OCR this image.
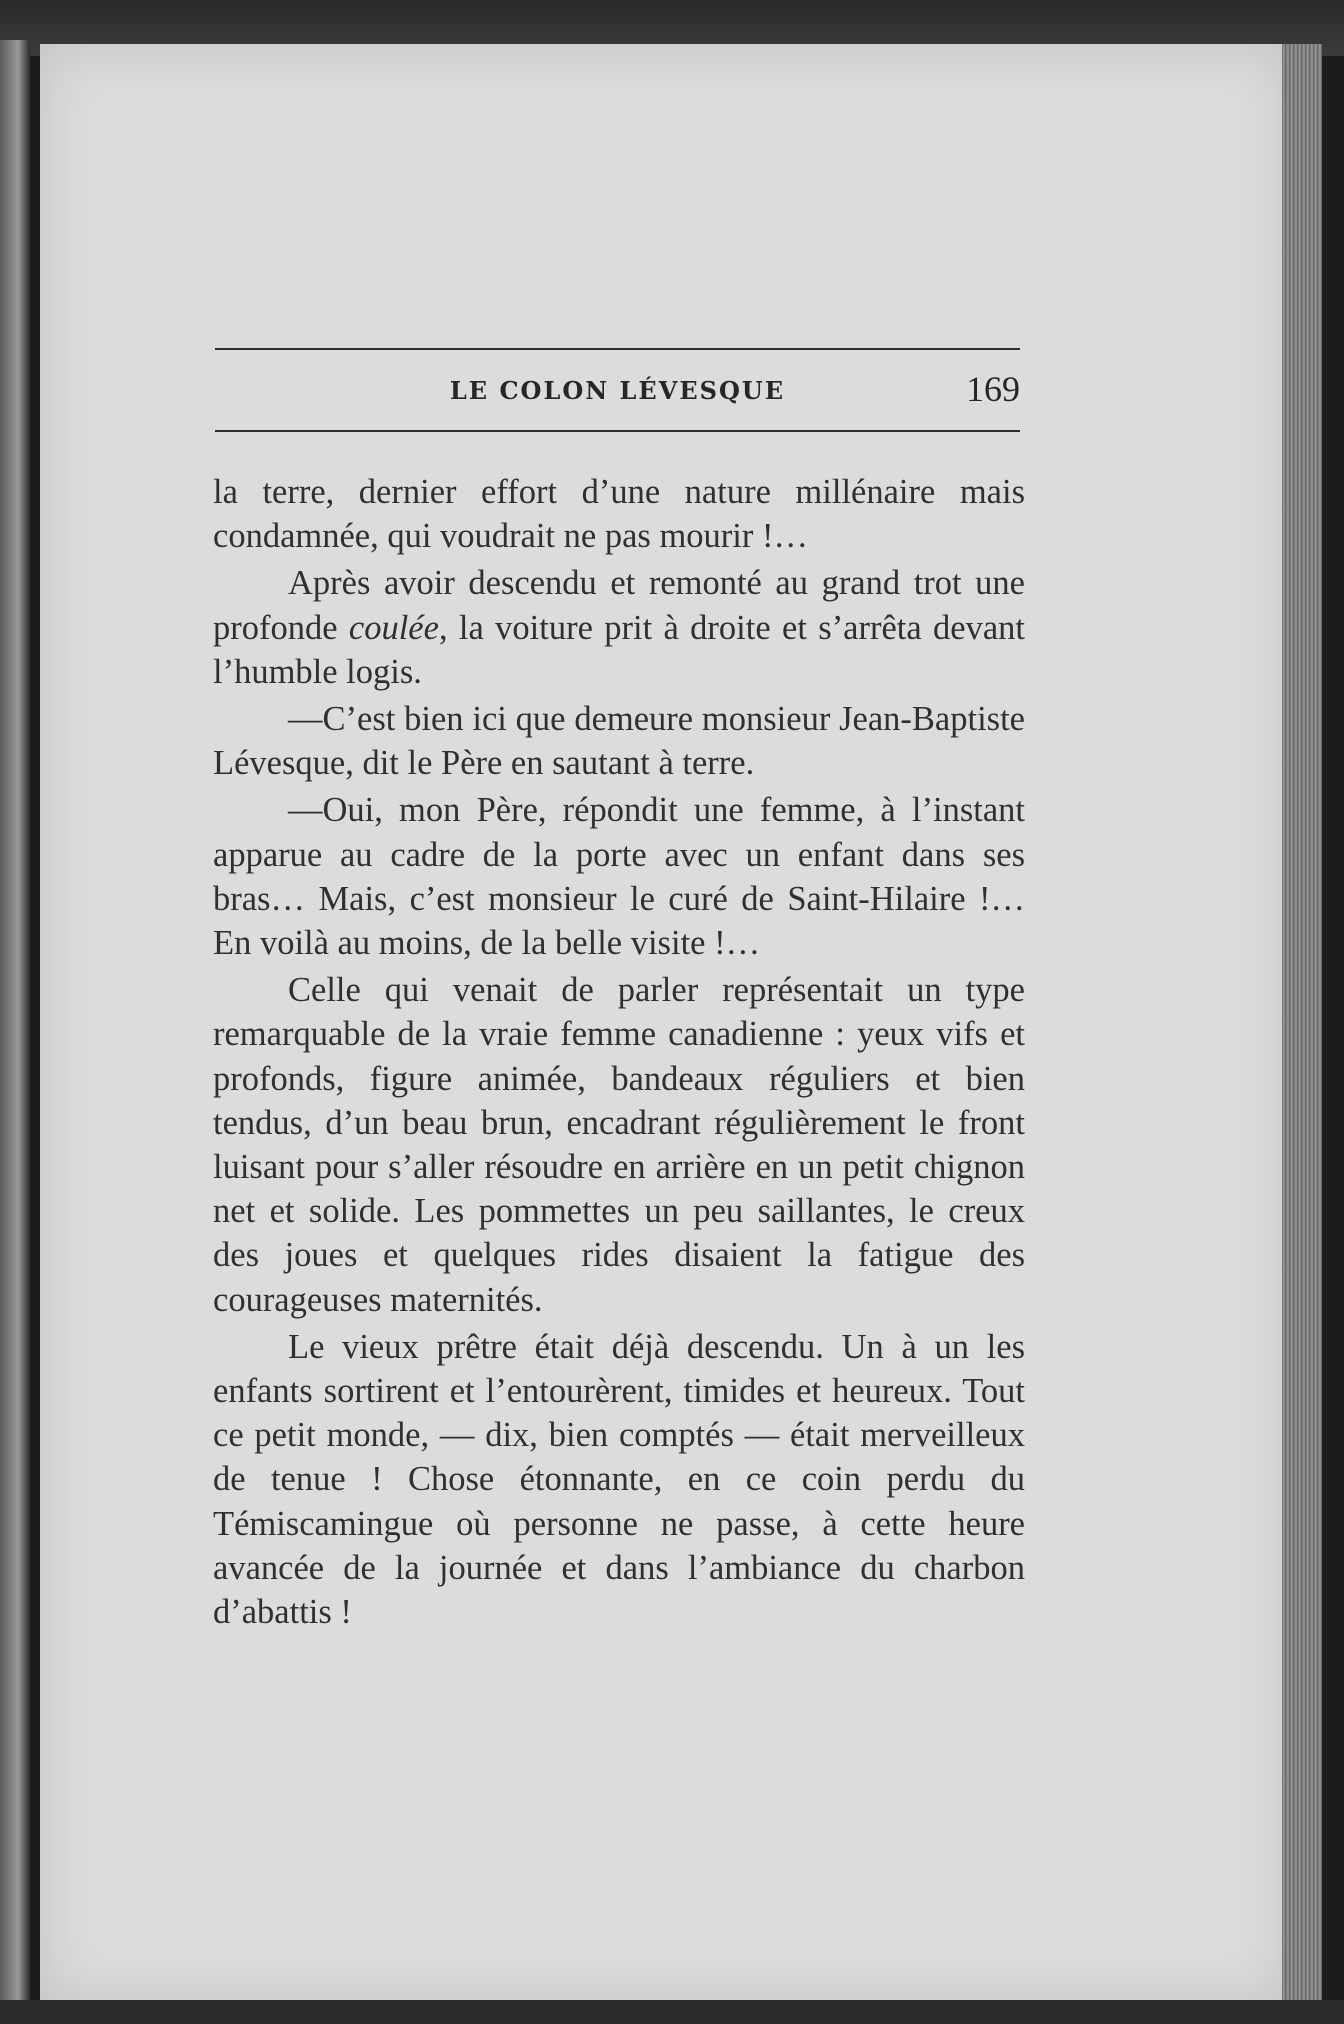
LE COLON LÉVESQUE	169

la terre, dernier effort d’une nature millénaire mais condamnée, qui voudrait ne pas mourir !…

Après avoir descendu et remonté au grand trot une profonde coulée, la voiture prit à droite et s’arrêta devant l’humble logis.

—C’est bien ici que demeure monsieur Jean-Baptiste Lévesque, dit le Père en sautant à terre.

—Oui, mon Père, répondit une femme, à l’instant apparue au cadre de la porte avec un enfant dans ses bras… Mais, c’est monsieur le curé de Saint-Hilaire !… En voilà au moins, de la belle visite !…

Celle qui venait de parler représentait un type remarquable de la vraie femme canadienne : yeux vifs et profonds, figure animée, bandeaux réguliers et bien tendus, d’un beau brun, encadrant régulièrement le front luisant pour s’aller résoudre en arrière en un petit chignon net et solide. Les pommettes un peu saillantes, le creux des joues et quelques rides disaient la fatigue des courageuses maternités.

Le vieux prêtre était déjà descendu. Un à un les enfants sortirent et l’entourèrent, timides et heureux. Tout ce petit monde, — dix, bien comptés — était merveilleux de tenue ! Chose étonnante, en ce coin perdu du Témiscamingue où personne ne passe, à cette heure avancée de la journée et dans l’ambiance du charbon d’abattis !
